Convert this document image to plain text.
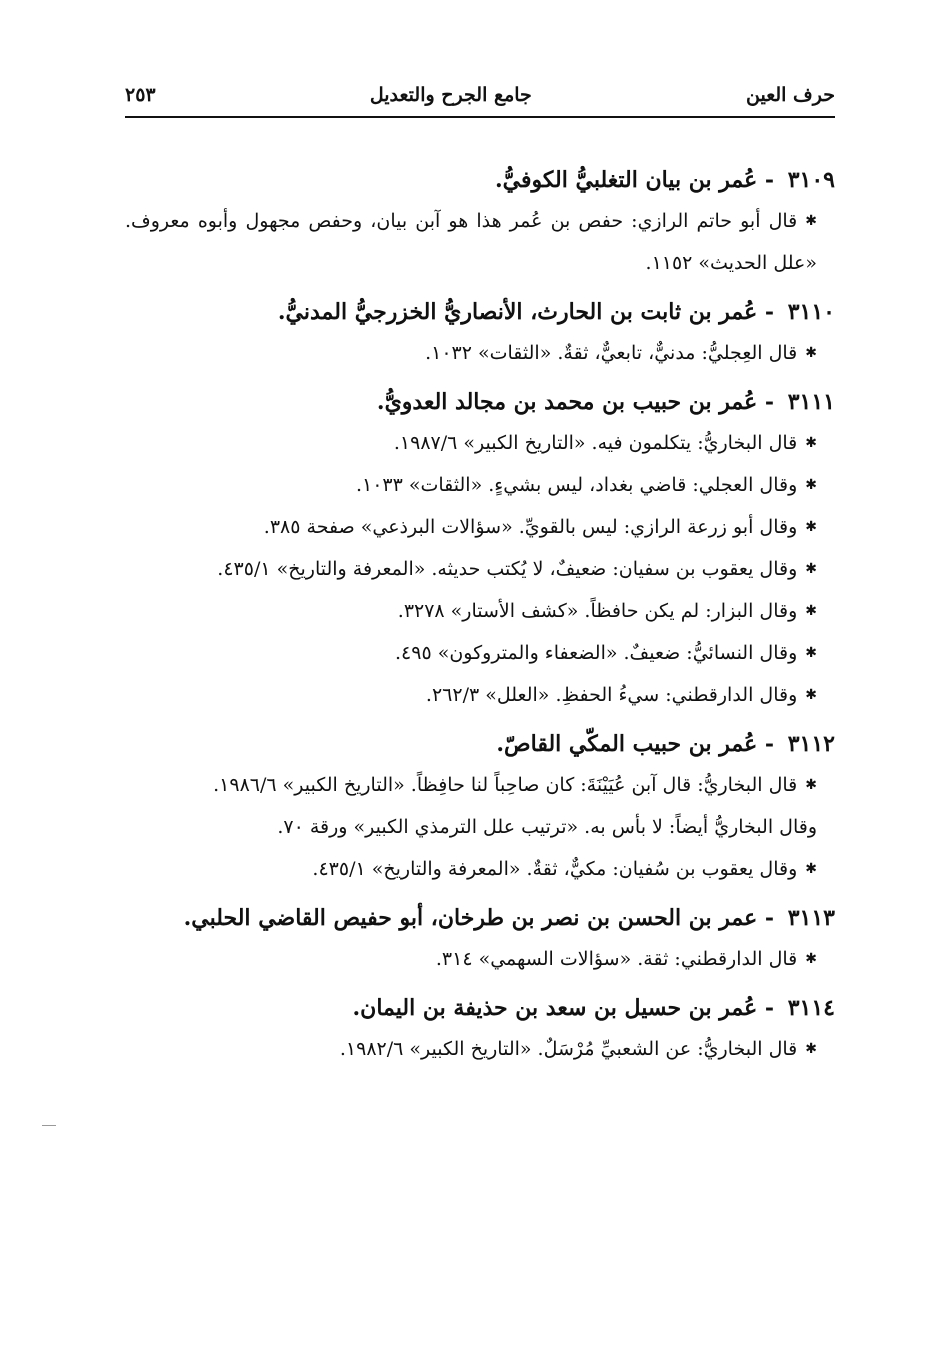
حرف العين
جامع الجرح والتعديل
٢٥٣
٣١٠٩ - عُمر بن بيان التغلبيُّ الكوفيُّ.
✱قال أبو حاتم الرازي: حفص بن عُمر هذا هو آبن بيان، وحفص مجهول وأبوه معروف. «علل الحديث» ١١٥٢.
٣١١٠ - عُمر بن ثابت بن الحارث، الأنصاريُّ الخزرجيُّ المدنيُّ.
✱قال العِجليُّ: مدنيٌّ، تابعيٌّ، ثقةٌ. «الثقات» ١٠٣٢.
٣١١١ - عُمر بن حبيب بن محمد بن مجالد العدويُّ.
✱قال البخاريُّ: يتكلمون فيه. «التاريخ الكبير» ١٩٨٧/٦.
✱وقال العجلي: قاضي بغداد، ليس بشيءٍ. «الثقات» ١٠٣٣.
✱وقال أبو زرعة الرازي: ليس بالقويِّ. «سؤالات البرذعي» صفحة ٣٨٥.
✱وقال يعقوب بن سفيان: ضعيفٌ، لا يُكتب حديثه. «المعرفة والتاريخ» ٤٣٥/١.
✱وقال البزار: لم يكن حافظاً. «كشف الأستار» ٣٢٧٨.
✱وقال النسائيُّ: ضعيفٌ. «الضعفاء والمتروكون» ٤٩٥.
✱وقال الدارقطني: سيءُ الحفظِ. «العلل» ٢٦٢/٣.
٣١١٢ - عُمر بن حبيب المكّي القاصّ.
✱قال البخاريُّ: قال آبن عُيَيْنَةَ: كان صاحِباً لنا حافِظاً. «التاريخ الكبير» ١٩٨٦/٦.
وقال البخاريُّ أيضاً: لا بأس به. «ترتيب علل الترمذي الكبير» ورقة ٧٠.
✱وقال يعقوب بن سُفيان: مكيٌّ، ثقةٌ. «المعرفة والتاريخ» ٤٣٥/١.
٣١١٣ - عمر بن الحسن بن نصر بن طرخان، أبو حفيص القاضي الحلبي.
✱قال الدارقطني: ثقة. «سؤالات السهمي» ٣١٤.
٣١١٤ - عُمر بن حسيل بن سعد بن حذيفة بن اليمان.
✱قال البخاريُّ: عن الشعبيِّ مُرْسَلٌ. «التاريخ الكبير» ١٩٨٢/٦.
